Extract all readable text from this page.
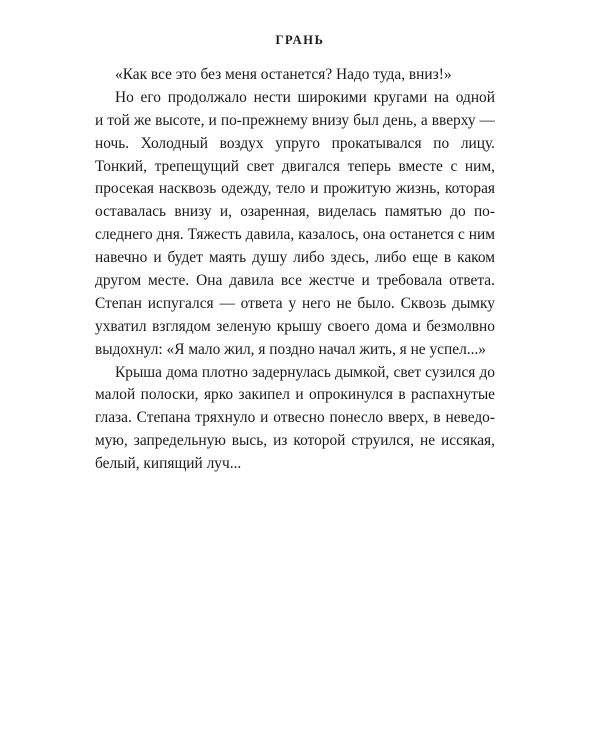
ГРАНЬ
«Как все это без меня останется? Надо туда, вниз!»
Но его продолжало нести широкими кругами на одной
и той же высоте, и по-прежнему внизу был день, а вверху —
ночь. Холодный воздух упруго прокатывался по лицу.
Тонкий, трепещущий свет двигался теперь вместе с ним,
просекая насквозь одежду, тело и прожитую жизнь, которая
оставалась внизу и, озаренная, виделась памятью до по-
следнего дня. Тяжесть давила, казалось, она останется с ним
навечно и будет маять душу либо здесь, либо еще в каком
другом месте. Она давила все жестче и требовала ответа.
Степан испугался — ответа у него не было. Сквозь дымку
ухватил взглядом зеленую крышу своего дома и безмолвно
выдохнул: «Я мало жил, я поздно начал жить, я не успел...»
Крыша дома плотно задернулась дымкой, свет сузился до
малой полоски, ярко закипел и опрокинулся в распахнутые
глаза. Степана тряхнуло и отвесно понесло вверх, в неведо-
мую, запредельную высь, из которой струился, не иссякая,
белый, кипящий луч...
